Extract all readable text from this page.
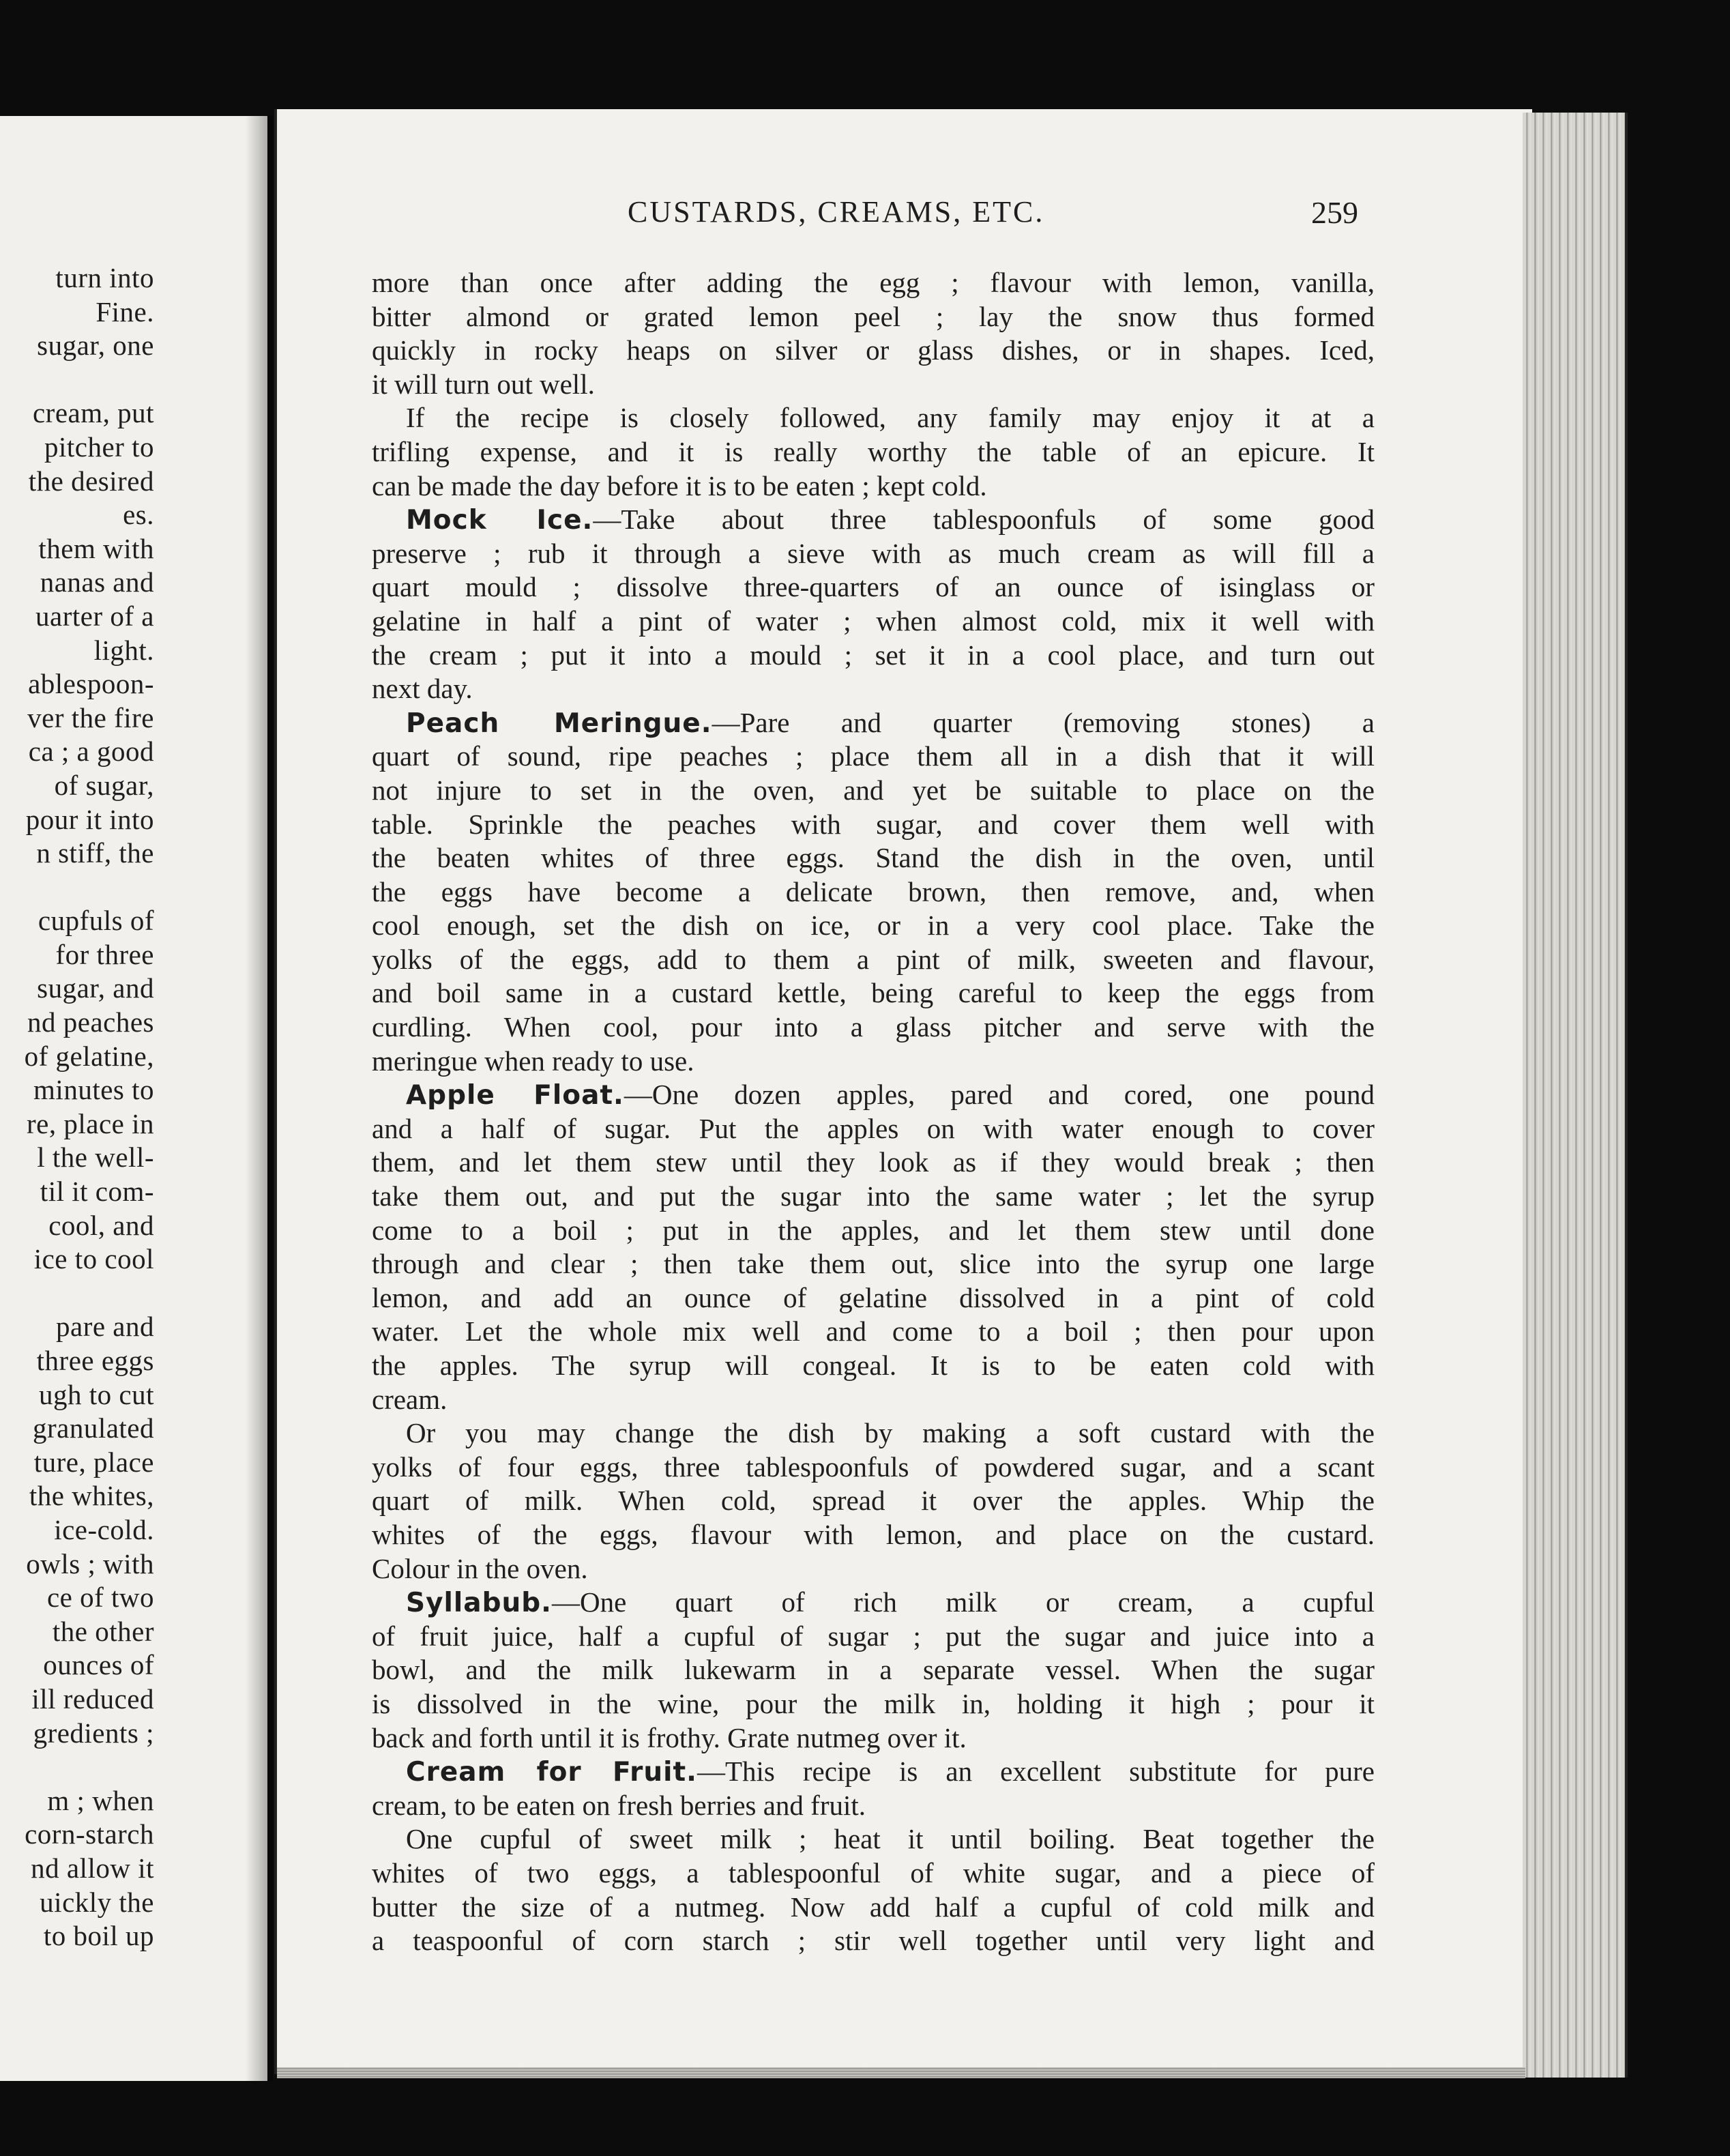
turn into
Fine.
sugar, one
cream, put
pitcher to
the desired
es.
them with
nanas and
uarter of a
light.
ablespoon-
ver the fire
ca ; a good
of sugar,
pour it into
n stiff, the
cupfuls of
for three
sugar, and
nd peaches
of gelatine,
minutes to
re, place in
l the well-
til it com-
cool, and
ice to cool
pare and
three eggs
ugh to cut
granulated
ture, place
the whites,
ice-cold.
owls ; with
ce of two
the other
ounces of
ill reduced
gredients ;
m ; when
corn-starch
nd allow it
uickly the
to boil up
CUSTARDS, CREAMS, ETC.	259
more than once after adding the egg ; flavour with lemon, vanilla,
bitter almond or grated lemon peel ; lay the snow thus formed
quickly in rocky heaps on silver or glass dishes, or in shapes. Iced,
it will turn out well.
If the recipe is closely followed, any family may enjoy it at a
trifling expense, and it is really worthy the table of an epicure. It
can be made the day before it is to be eaten ; kept cold.
Mock Ice.—Take about three tablespoonfuls of some good
preserve ; rub it through a sieve with as much cream as will fill a
quart mould ; dissolve three-quarters of an ounce of isinglass or
gelatine in half a pint of water ; when almost cold, mix it well with
the cream ; put it into a mould ; set it in a cool place, and turn out
next day.
Peach Meringue.—Pare and quarter (removing stones) a
quart of sound, ripe peaches ; place them all in a dish that it will
not injure to set in the oven, and yet be suitable to place on the
table. Sprinkle the peaches with sugar, and cover them well with
the beaten whites of three eggs. Stand the dish in the oven, until
the eggs have become a delicate brown, then remove, and, when
cool enough, set the dish on ice, or in a very cool place. Take the
yolks of the eggs, add to them a pint of milk, sweeten and flavour,
and boil same in a custard kettle, being careful to keep the eggs from
curdling. When cool, pour into a glass pitcher and serve with the
meringue when ready to use.
Apple Float.—One dozen apples, pared and cored, one pound
and a half of sugar. Put the apples on with water enough to cover
them, and let them stew until they look as if they would break ; then
take them out, and put the sugar into the same water ; let the syrup
come to a boil ; put in the apples, and let them stew until done
through and clear ; then take them out, slice into the syrup one large
lemon, and add an ounce of gelatine dissolved in a pint of cold
water. Let the whole mix well and come to a boil ; then pour upon
the apples. The syrup will congeal. It is to be eaten cold with
cream.
Or you may change the dish by making a soft custard with the
yolks of four eggs, three tablespoonfuls of powdered sugar, and a scant
quart of milk. When cold, spread it over the apples. Whip the
whites of the eggs, flavour with lemon, and place on the custard.
Colour in the oven.
Syllabub.—One quart of rich milk or cream, a cupful
of fruit juice, half a cupful of sugar ; put the sugar and juice into a
bowl, and the milk lukewarm in a separate vessel. When the sugar
is dissolved in the wine, pour the milk in, holding it high ; pour it
back and forth until it is frothy. Grate nutmeg over it.
Cream for Fruit.—This recipe is an excellent substitute for pure
cream, to be eaten on fresh berries and fruit.
One cupful of sweet milk ; heat it until boiling. Beat together the
whites of two eggs, a tablespoonful of white sugar, and a piece of
butter the size of a nutmeg. Now add half a cupful of cold milk and
a teaspoonful of corn starch ; stir well together until very light and
